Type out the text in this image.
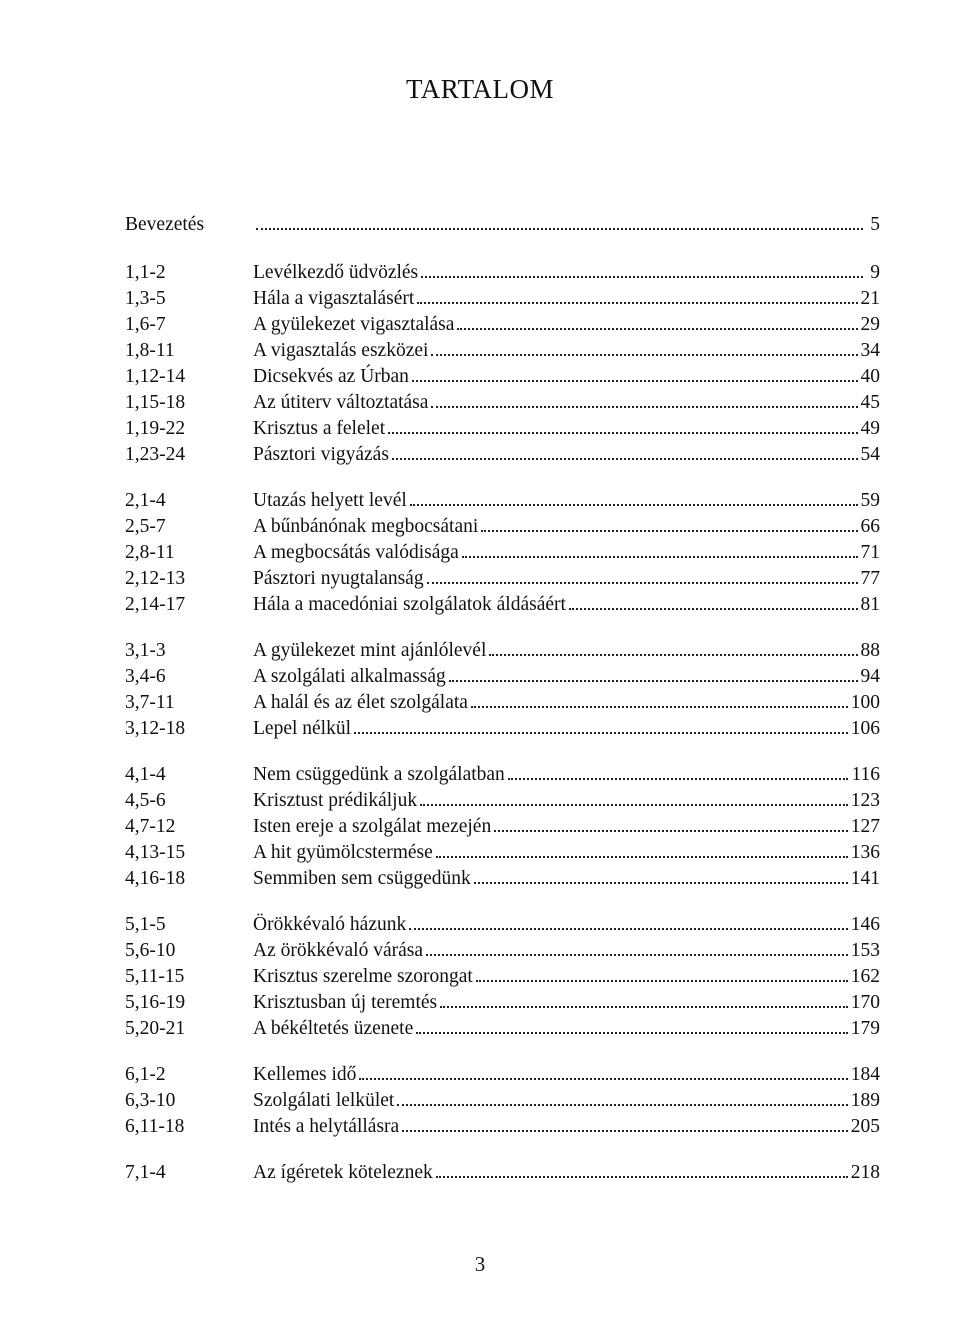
TARTALOM
Bevezetés	5
1,1-2	Levélkezdő üdvözlés	9
1,3-5	Hála a vigasztalásért	21
1,6-7	A gyülekezet vigasztalása	29
1,8-11	A vigasztalás eszközei	34
1,12-14	Dicsekvés az Úrban	40
1,15-18	Az útiterv változtatása	45
1,19-22	Krisztus a felelet	49
1,23-24	Pásztori vigyázás	54
2,1-4	Utazás helyett levél	59
2,5-7	A bűnbánónak megbocsátani	66
2,8-11	A megbocsátás valódisága	71
2,12-13	Pásztori nyugtalanság	77
2,14-17	Hála a macedóniai szolgálatok áldásáért	81
3,1-3	A gyülekezet mint ajánlólevél	88
3,4-6	A szolgálati alkalmasság	94
3,7-11	A halál és az élet szolgálata	100
3,12-18	Lepel nélkül	106
4,1-4	Nem csüggedünk a szolgálatban	116
4,5-6	Krisztust prédikáljuk	123
4,7-12	Isten ereje a szolgálat mezején	127
4,13-15	A hit gyümölcstermése	136
4,16-18	Semmiben sem csüggedünk	141
5,1-5	Örökkévaló házunk	146
5,6-10	Az örökkévaló várása	153
5,11-15	Krisztus szerelme szorongat	162
5,16-19	Krisztusban új teremtés	170
5,20-21	A békéltetés üzenete	179
6,1-2	Kellemes idő	184
6,3-10	Szolgálati lelkület	189
6,11-18	Intés a helytállásra	205
7,1-4	Az ígéretek köteleznek	218
3
